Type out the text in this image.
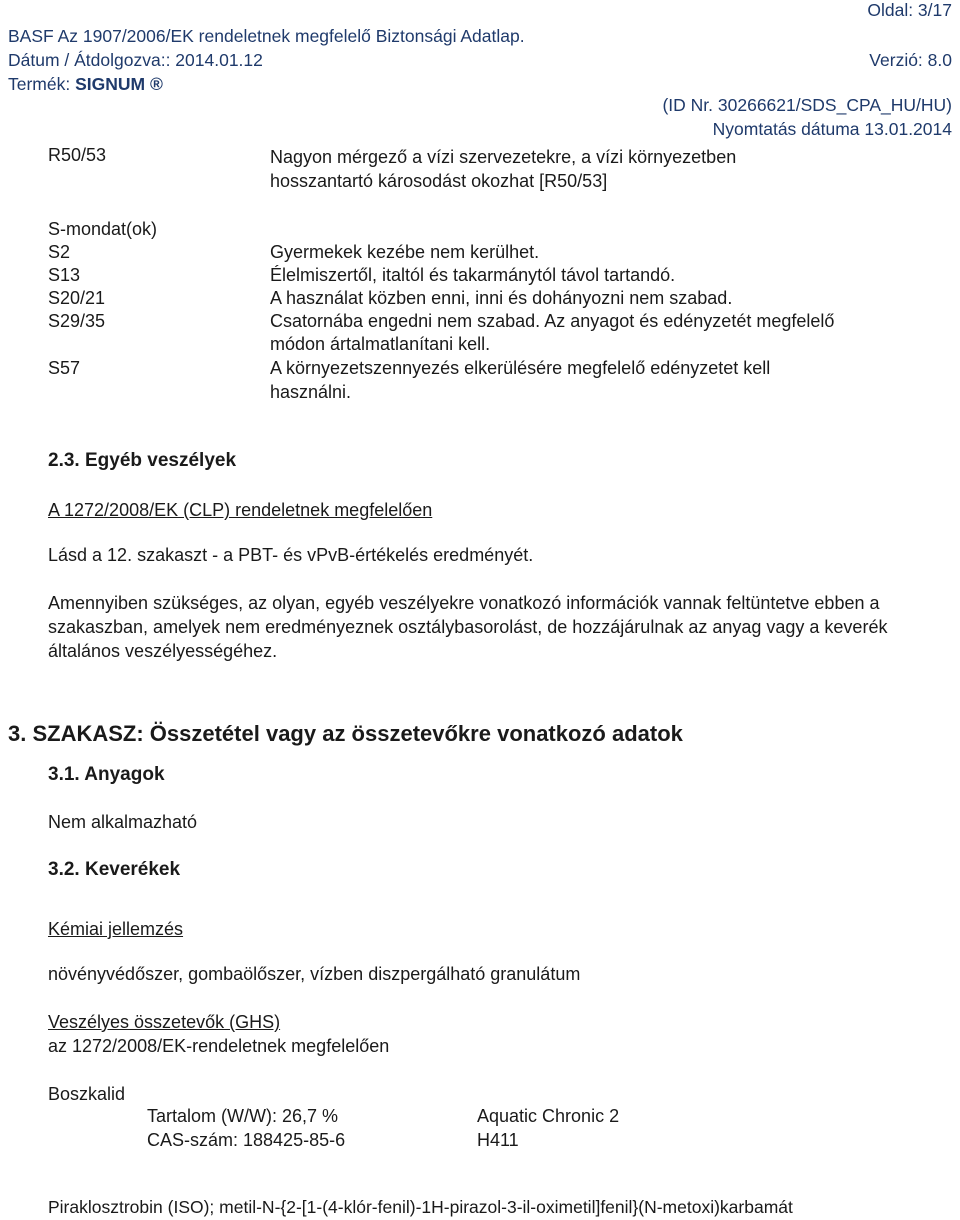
Oldal: 3/17
BASF Az 1907/2006/EK rendeletnek megfelelő Biztonsági Adatlap.
Dátum / Átdolgozva:: 2014.01.12	Verzió: 8.0
Termék: SIGNUM ®
(ID Nr. 30266621/SDS_CPA_HU/HU)
Nyomtatás dátuma 13.01.2014
R50/53	Nagyon mérgező a vízi szervezetekre, a vízi környezetben
hosszantartó károsodást okozhat [R50/53]
S-mondat(ok)
S2	Gyermekek kezébe nem kerülhet.
S13	Élelmiszertől, italtól és takarmánytól távol tartandó.
S20/21	A használat közben enni, inni és dohányozni nem szabad.
S29/35	Csatornába engedni nem szabad. Az anyagot és edényzetét megfelelő
módon ártalmatlanítani kell.
S57	A környezetszennyezés elkerülésére megfelelő edényzetet kell
használni.
2.3. Egyéb veszélyek
A 1272/2008/EK (CLP) rendeletnek megfelelően
Lásd a 12. szakaszt - a PBT- és vPvB-értékelés eredményét.
Amennyiben szükséges, az olyan, egyéb veszélyekre vonatkozó információk vannak feltüntetve ebben a szakaszban, amelyek nem eredményeznek osztálybasorolást, de hozzájárulnak az anyag vagy a keverék általános veszélyességéhez.
3. SZAKASZ: Összetétel vagy az összetevőkre vonatkozó adatok
3.1. Anyagok
Nem alkalmazható
3.2. Keverékek
Kémiai jellemzés
növényvédőszer, gombaölőszer, vízben diszpergálható granulátum
Veszélyes összetevők (GHS)
az 1272/2008/EK-rendeletnek megfelelően
Boszkalid
Tartalom (W/W): 26,7 %	Aquatic Chronic 2
CAS-szám: 188425-85-6	H411
Piraklosztrobin (ISO); metil-N-{2-[1-(4-klór-fenil)-1H-pirazol-3-il-oximetil]fenil}(N-metoxi)karbamát
